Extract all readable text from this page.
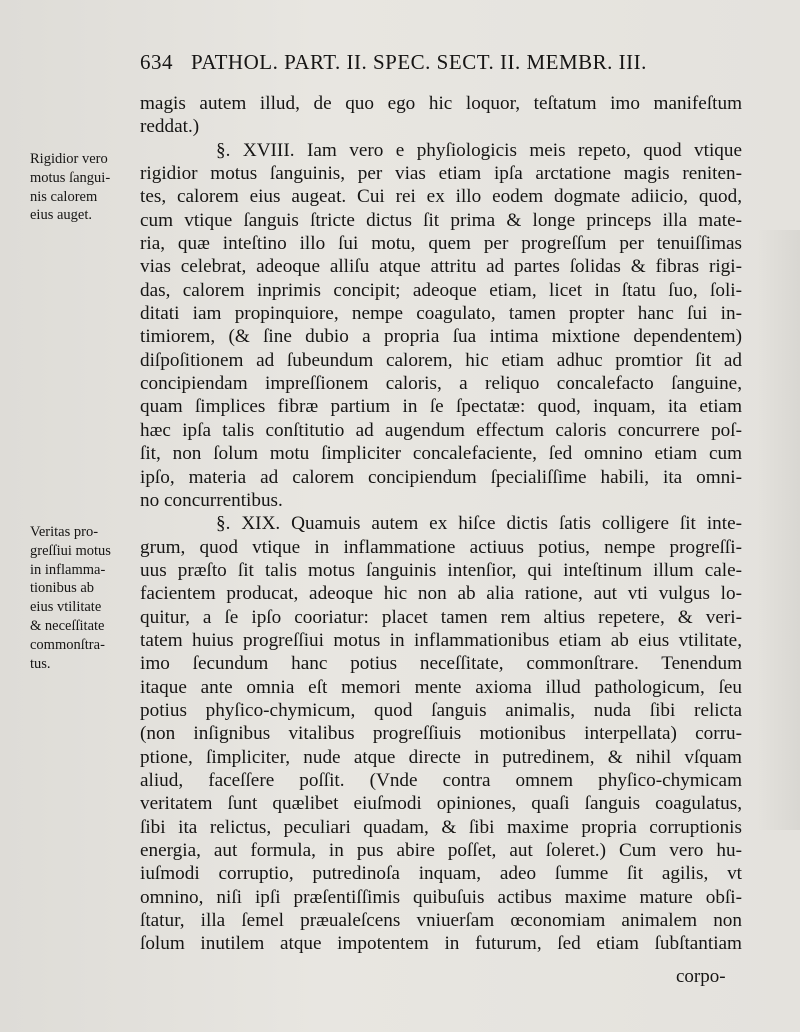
634 PATHOL. PART. II. SPEC. SECT. II. MEMBR. III.
Rigidior vero
motus ſangui-
nis calorem
eius auget.
Veritas pro-
greſſiui motus
in inflamma-
tionibus ab
eius vtilitate
& neceſſitate
commonſtra-
tus.
magis autem illud, de quo ego hic loquor, teſtatum imo manifeſtum
reddat.)
§. XVIII. Iam vero e phyſiologicis meis repeto, quod vtique
rigidior motus ſanguinis, per vias etiam ipſa arctatione magis reniten-
tes, calorem eius augeat. Cui rei ex illo eodem dogmate adiicio, quod,
cum vtique ſanguis ſtricte dictus ſit prima & longe princeps illa mate-
ria, quæ inteſtino illo ſui motu, quem per progreſſum per tenuiſſimas
vias celebrat, adeoque alliſu atque attritu ad partes ſolidas & fibras rigi-
das, calorem inprimis concipit; adeoque etiam, licet in ſtatu ſuo, ſoli-
ditati iam propinquiore, nempe coagulato, tamen propter hanc ſui in-
timiorem, (& ſine dubio a propria ſua intima mixtione dependentem)
diſpoſitionem ad ſubeundum calorem, hic etiam adhuc promtior ſit ad
concipiendam impreſſionem caloris, a reliquo concalefacto ſanguine,
quam ſimplices fibræ partium in ſe ſpectatæ: quod, inquam, ita etiam
hæc ipſa talis conſtitutio ad augendum effectum caloris concurrere poſ-
ſit, non ſolum motu ſimpliciter concalefaciente, ſed omnino etiam cum
ipſo, materia ad calorem concipiendum ſpecialiſſime habili, ita omni-
no concurrentibus.
§. XIX. Quamuis autem ex hiſce dictis ſatis colligere ſit inte-
grum, quod vtique in inflammatione actiuus potius, nempe progreſſi-
uus præſto ſit talis motus ſanguinis intenſior, qui inteſtinum illum cale-
facientem producat, adeoque hic non ab alia ratione, aut vti vulgus lo-
quitur, a ſe ipſo cooriatur: placet tamen rem altius repetere, & veri-
tatem huius progreſſiui motus in inflammationibus etiam ab eius vtilitate,
imo ſecundum hanc potius neceſſitate, commonſtrare. Tenendum
itaque ante omnia eſt memori mente axioma illud pathologicum, ſeu
potius phyſico-chymicum, quod ſanguis animalis, nuda ſibi relicta
(non inſignibus vitalibus progreſſiuis motionibus interpellata) corru-
ptione, ſimpliciter, nude atque directe in putredinem, & nihil vſquam
aliud, faceſſere poſſit. (Vnde contra omnem phyſico-chymicam
veritatem ſunt quælibet eiuſmodi opiniones, quaſi ſanguis coagulatus,
ſibi ita relictus, peculiari quadam, & ſibi maxime propria corruptionis
energia, aut formula, in pus abire poſſet, aut ſoleret.) Cum vero hu-
iuſmodi corruptio, putredinoſa inquam, adeo ſumme ſit agilis, vt
omnino, niſi ipſi præſentiſſimis quibuſuis actibus maxime mature obſi-
ſtatur, illa ſemel præualeſcens vniuerſam œconomiam animalem non
ſolum inutilem atque impotentem in futurum, ſed etiam ſubſtantiam
corpo-
